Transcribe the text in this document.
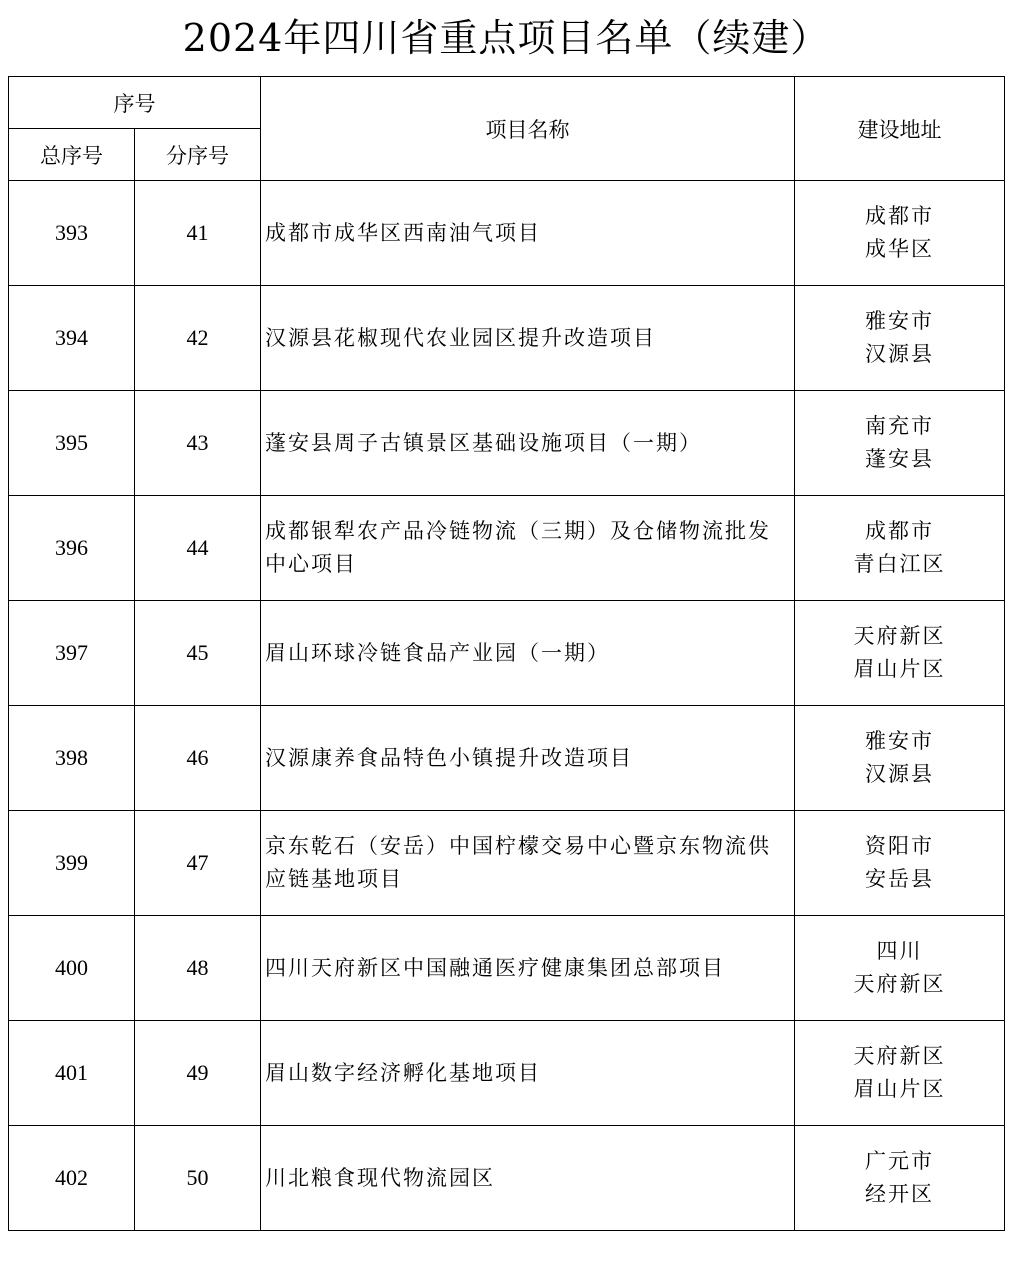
2024年四川省重点项目名单（续建）
序号		项目名称	建设地址
总序号	分序号		
393	41	成都市成华区西南油气项目	成都市
成华区

394	42	汉源县花椒现代农业园区提升改造项目	雅安市
汉源县

395	43	蓬安县周子古镇景区基础设施项目（一期）	南充市
蓬安县

396	44	成都银犁农产品冷链物流（三期）及仓储物流批发中心项目	成都市
青白江区

397	45	眉山环球冷链食品产业园（一期）	天府新区
眉山片区

398	46	汉源康养食品特色小镇提升改造项目	雅安市
汉源县

399	47	京东乾石（安岳）中国柠檬交易中心暨京东物流供应链基地项目	资阳市
安岳县

400	48	四川天府新区中国融通医疗健康集团总部项目	四川
天府新区

401	49	眉山数字经济孵化基地项目	天府新区
眉山片区

402	50	川北粮食现代物流园区	广元市
经开区
